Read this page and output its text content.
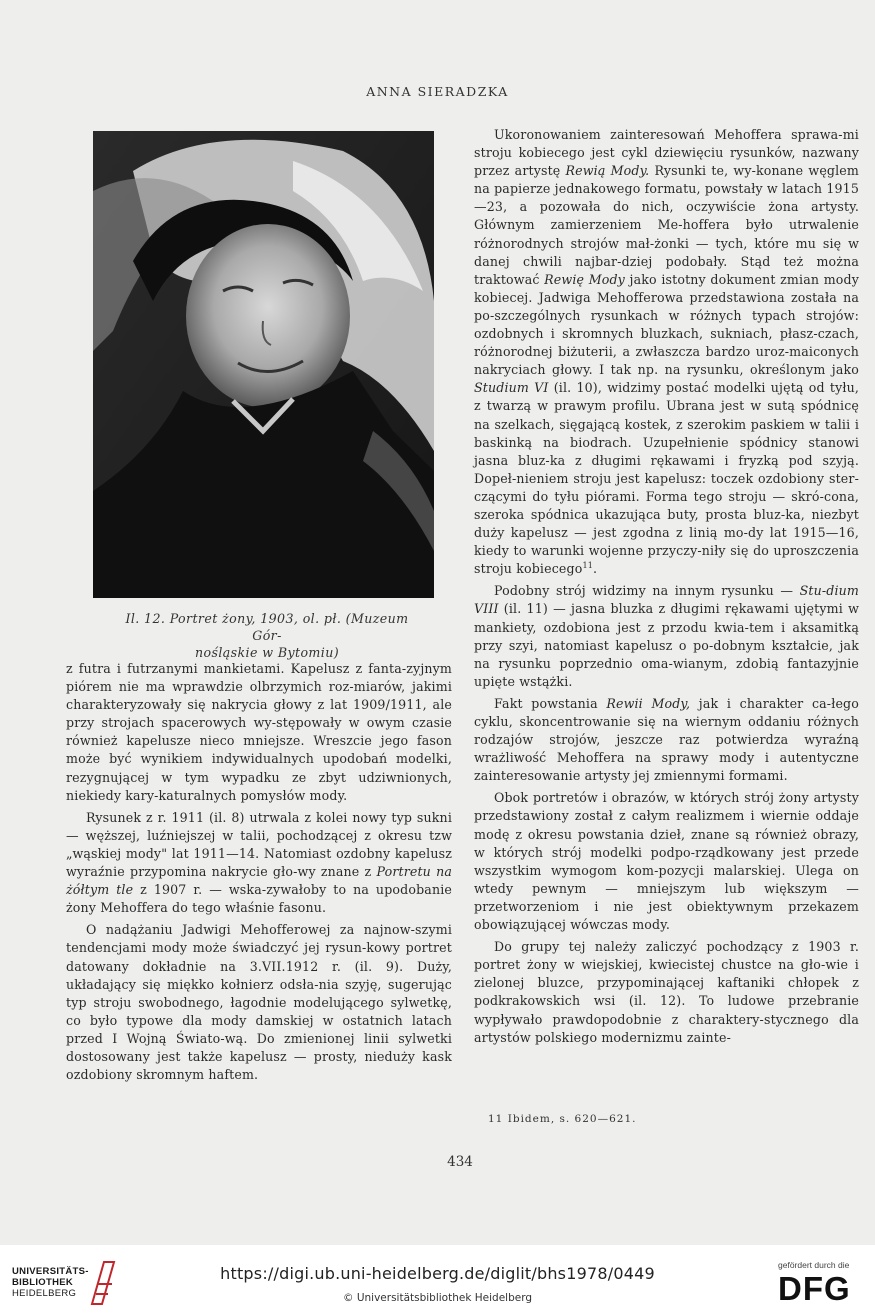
ANNA SIERADZKA
Il. 12. Portret żony, 1903, ol. pł. (Muzeum Gór-
nośląskie w Bytomiu)

z futra i futrzanymi mankietami. Kapelusz z fanta-zyjnym piórem nie ma wprawdzie olbrzymich roz-miarów, jakimi charakteryzowały się nakrycia głowy z lat 1909/1911, ale przy strojach spacerowych wy-stępowały w owym czasie również kapelusze nieco mniejsze. Wreszcie jego fason może być wynikiem indywidualnych upodobań modelki, rezygnującej w tym wypadku ze zbyt udziwnionych, niekiedy kary-katuralnych pomysłów mody.

Rysunek z r. 1911 (il. 8) utrwala z kolei nowy typ sukni — węższej, luźniejszej w talii, pochodzącej z okresu tzw „wąskiej mody" lat 1911—14. Natomiast ozdobny kapelusz wyraźnie przypomina nakrycie gło-wy znane z Portretu na żółtym tle z 1907 r. — wska-zywałoby to na upodobanie żony Mehoffera do tego właśnie fasonu.

O nadążaniu Jadwigi Mehofferowej za najnow-szymi tendencjami mody może świadczyć jej rysun-kowy portret datowany dokładnie na 3.VII.1912 r. (il. 9). Duży, układający się miękko kołnierz odsła-nia szyję, sugerując typ stroju swobodnego, łagodnie modelującego sylwetkę, co było typowe dla mody damskiej w ostatnich latach przed I Wojną Świato-wą. Do zmienionej linii sylwetki dostosowany jest także kapelusz — prosty, nieduży kask ozdobiony skromnym haftem.

Ukoronowaniem zainteresowań Mehoffera sprawa-mi stroju kobiecego jest cykl dziewięciu rysunków, nazwany przez artystę Rewią Mody. Rysunki te, wy-konane węglem na papierze jednakowego formatu, powstały w latach 1915—23, a pozowała do nich, oczywiście żona artysty. Głównym zamierzeniem Me-hoffera było utrwalenie różnorodnych strojów mał-żonki — tych, które mu się w danej chwili najbar-dziej podobały. Stąd też można traktować Rewię Mody jako istotny dokument zmian mody kobiecej. Jadwiga Mehofferowa przedstawiona została na po-szczególnych rysunkach w różnych typach strojów: ozdobnych i skromnych bluzkach, sukniach, płasz-czach, różnorodnej biżuterii, a zwłaszcza bardzo uroz-maiconych nakryciach głowy. I tak np. na rysunku, określonym jako Studium VI (il. 10), widzimy postać modelki ujętą od tyłu, z twarzą w prawym profilu. Ubrana jest w sutą spódnicę na szelkach, sięgającą kostek, z szerokim paskiem w talii i baskinką na biodrach. Uzupełnienie spódnicy stanowi jasna bluz-ka z długimi rękawami i fryzką pod szyją. Dopeł-nieniem stroju jest kapelusz: toczek ozdobiony ster-czącymi do tyłu piórami. Forma tego stroju — skró-cona, szeroka spódnica ukazująca buty, prosta bluz-ka, niezbyt duży kapelusz — jest zgodna z linią mo-dy lat 1915—16, kiedy to warunki wojenne przyczy-niły się do uproszczenia stroju kobiecego$^{11}$.

Podobny strój widzimy na innym rysunku — Stu-dium VIII (il. 11) — jasna bluzka z długimi rękawami ujętymi w mankiety, ozdobiona jest z przodu kwia-tem i aksamitką przy szyi, natomiast kapelusz o po-dobnym kształcie, jak na rysunku poprzednio oma-wianym, zdobią fantazyjnie upięte wstążki.

Fakt powstania Rewii Mody, jak i charakter ca-łego cyklu, skoncentrowanie się na wiernym oddaniu różnych rodzajów strojów, jeszcze raz potwierdza wyraźną wrażliwość Mehoffera na sprawy mody i autentyczne zainteresowanie artysty jej zmiennymi formami.

Obok portretów i obrazów, w których strój żony artysty przedstawiony został z całym realizmem i wiernie oddaje modę z okresu powstania dzieł, znane są również obrazy, w których strój modelki podpo-rządkowany jest przede wszystkim wymogom kom-pozycji malarskiej. Ulega on wtedy pewnym — mniejszym lub większym — przetworzeniom i nie jest obiektywnym przekazem obowiązującej wówczas mody.

Do grupy tej należy zaliczyć pochodzący z 1903 r. portret żony w wiejskiej, kwiecistej chustce na gło-wie i zielonej bluzce, przypominającej kaftaniki chłopek z podkrakowskich wsi (il. 12). To ludowe przebranie wypływało prawdopodobnie z charaktery-stycznego dla artystów polskiego modernizmu zainte-

11 Ibidem, s. 620—621.
434
UNIVERSITÄTS-
BIBLIOTHEK
HEIDELBERG
https://digi.ub.uni-heidelberg.de/diglit/bhs1978/0449
© Universitätsbibliothek Heidelberg
gefördert durch die
DFG
